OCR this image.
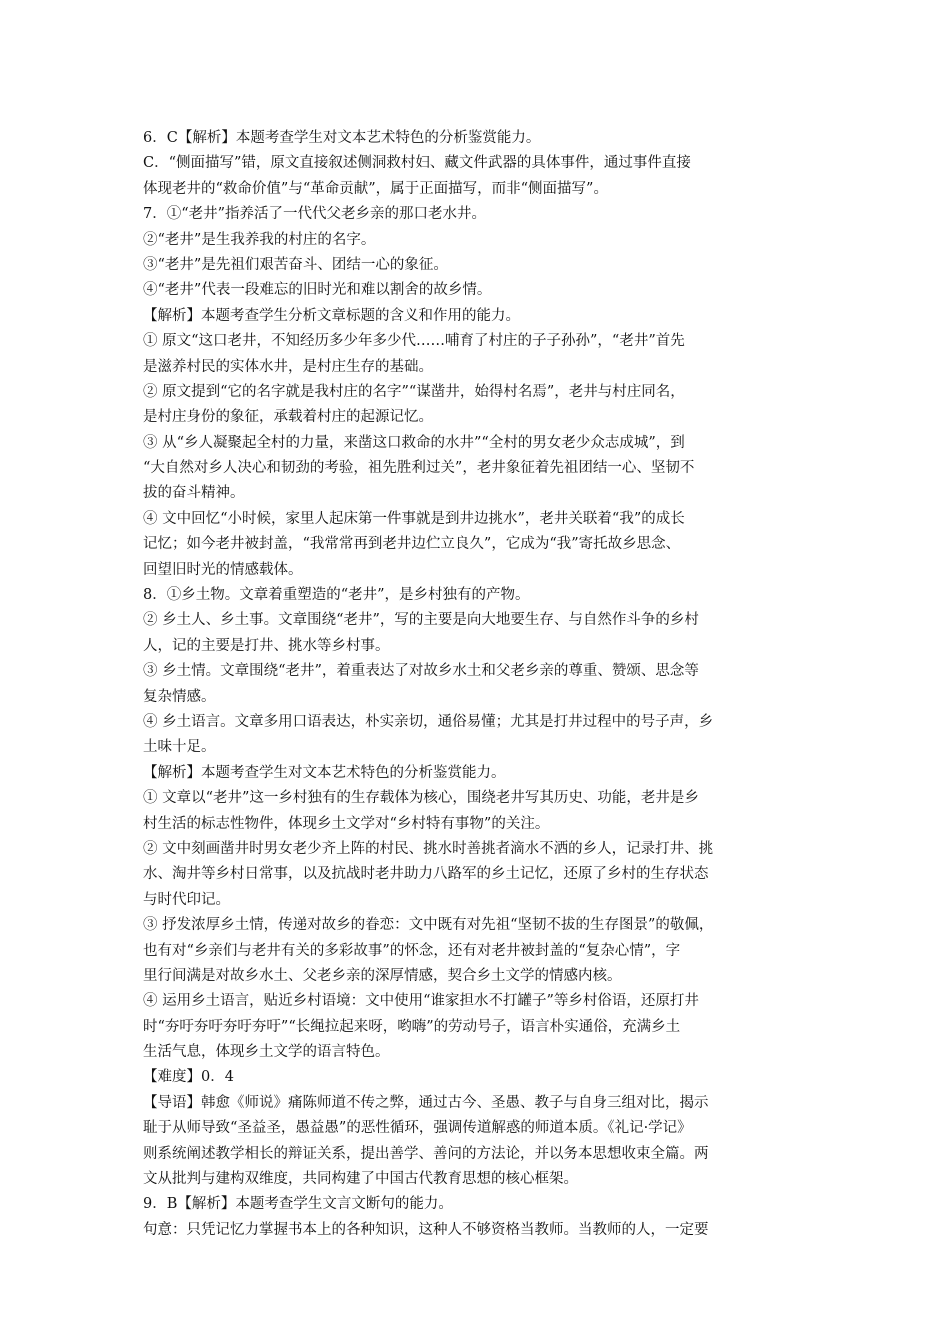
6．C【解析】本题考查学生对文本艺术特色的分析鉴赏能力。
C．“侧面描写”错，原文直接叙述侧洞救村妇、藏文件武器的具体事件，通过事件直接
体现老井的“救命价值”与“革命贡献”，属于正面描写，而非“侧面描写”。
7．①“老井”指养活了一代代父老乡亲的那口老水井。
②“老井”是生我养我的村庄的名字。
③“老井”是先祖们艰苦奋斗、团结一心的象征。
④“老井”代表一段难忘的旧时光和难以割舍的故乡情。
【解析】本题考查学生分析文章标题的含义和作用的能力。
① 原文“这口老井，不知经历多少年多少代……哺育了村庄的子子孙孙”，“老井”首先
是滋养村民的实体水井，是村庄生存的基础。
② 原文提到“它的名字就是我村庄的名字”“谋凿井，始得村名焉”，老井与村庄同名，
是村庄身份的象征，承载着村庄的起源记忆。
③ 从“乡人凝聚起全村的力量，来凿这口救命的水井”“全村的男女老少众志成城”，到
“大自然对乡人决心和韧劲的考验，祖先胜利过关”，老井象征着先祖团结一心、坚韧不
拔的奋斗精神。
④ 文中回忆“小时候，家里人起床第一件事就是到井边挑水”，老井关联着“我”的成长
记忆；如今老井被封盖，“我常常再到老井边伫立良久”，它成为“我”寄托故乡思念、
回望旧时光的情感载体。
8．①乡土物。文章着重塑造的“老井”，是乡村独有的产物。
② 乡土人、乡土事。文章围绕“老井”，写的主要是向大地要生存、与自然作斗争的乡村
人，记的主要是打井、挑水等乡村事。
③ 乡土情。文章围绕“老井”，着重表达了对故乡水土和父老乡亲的尊重、赞颂、思念等
复杂情感。
④ 乡土语言。文章多用口语表达，朴实亲切，通俗易懂；尤其是打井过程中的号子声，乡
土味十足。
【解析】本题考查学生对文本艺术特色的分析鉴赏能力。
① 文章以“老井”这一乡村独有的生存载体为核心，围绕老井写其历史、功能，老井是乡
村生活的标志性物件，体现乡土文学对“乡村特有事物”的关注。
② 文中刻画凿井时男女老少齐上阵的村民、挑水时善挑者滴水不洒的乡人，记录打井、挑
水、淘井等乡村日常事，以及抗战时老井助力八路军的乡土记忆，还原了乡村的生存状态
与时代印记。
③ 抒发浓厚乡土情，传递对故乡的眷恋：文中既有对先祖“坚韧不拔的生存图景”的敬佩，
也有对“乡亲们与老井有关的多彩故事”的怀念，还有对老井被封盖的“复杂心情”，字
里行间满是对故乡水土、父老乡亲的深厚情感，契合乡土文学的情感内核。
④ 运用乡土语言，贴近乡村语境：文中使用“谁家担水不打罐子”等乡村俗语，还原打井
时“夯吁夯吁夯吁夯吁”“长绳拉起来呀，哟嗨”的劳动号子，语言朴实通俗，充满乡土
生活气息，体现乡土文学的语言特色。
【难度】0．4
【导语】韩愈《师说》痛陈师道不传之弊，通过古今、圣愚、教子与自身三组对比，揭示
耻于从师导致“圣益圣，愚益愚”的恶性循环，强调传道解惑的师道本质。《礼记·学记》
则系统阐述教学相长的辩证关系，提出善学、善问的方法论，并以务本思想收束全篇。两
文从批判与建构双维度，共同构建了中国古代教育思想的核心框架。
9．B【解析】本题考查学生文言文断句的能力。
句意：只凭记忆力掌握书本上的各种知识，这种人不够资格当教师。当教师的人，一定要
